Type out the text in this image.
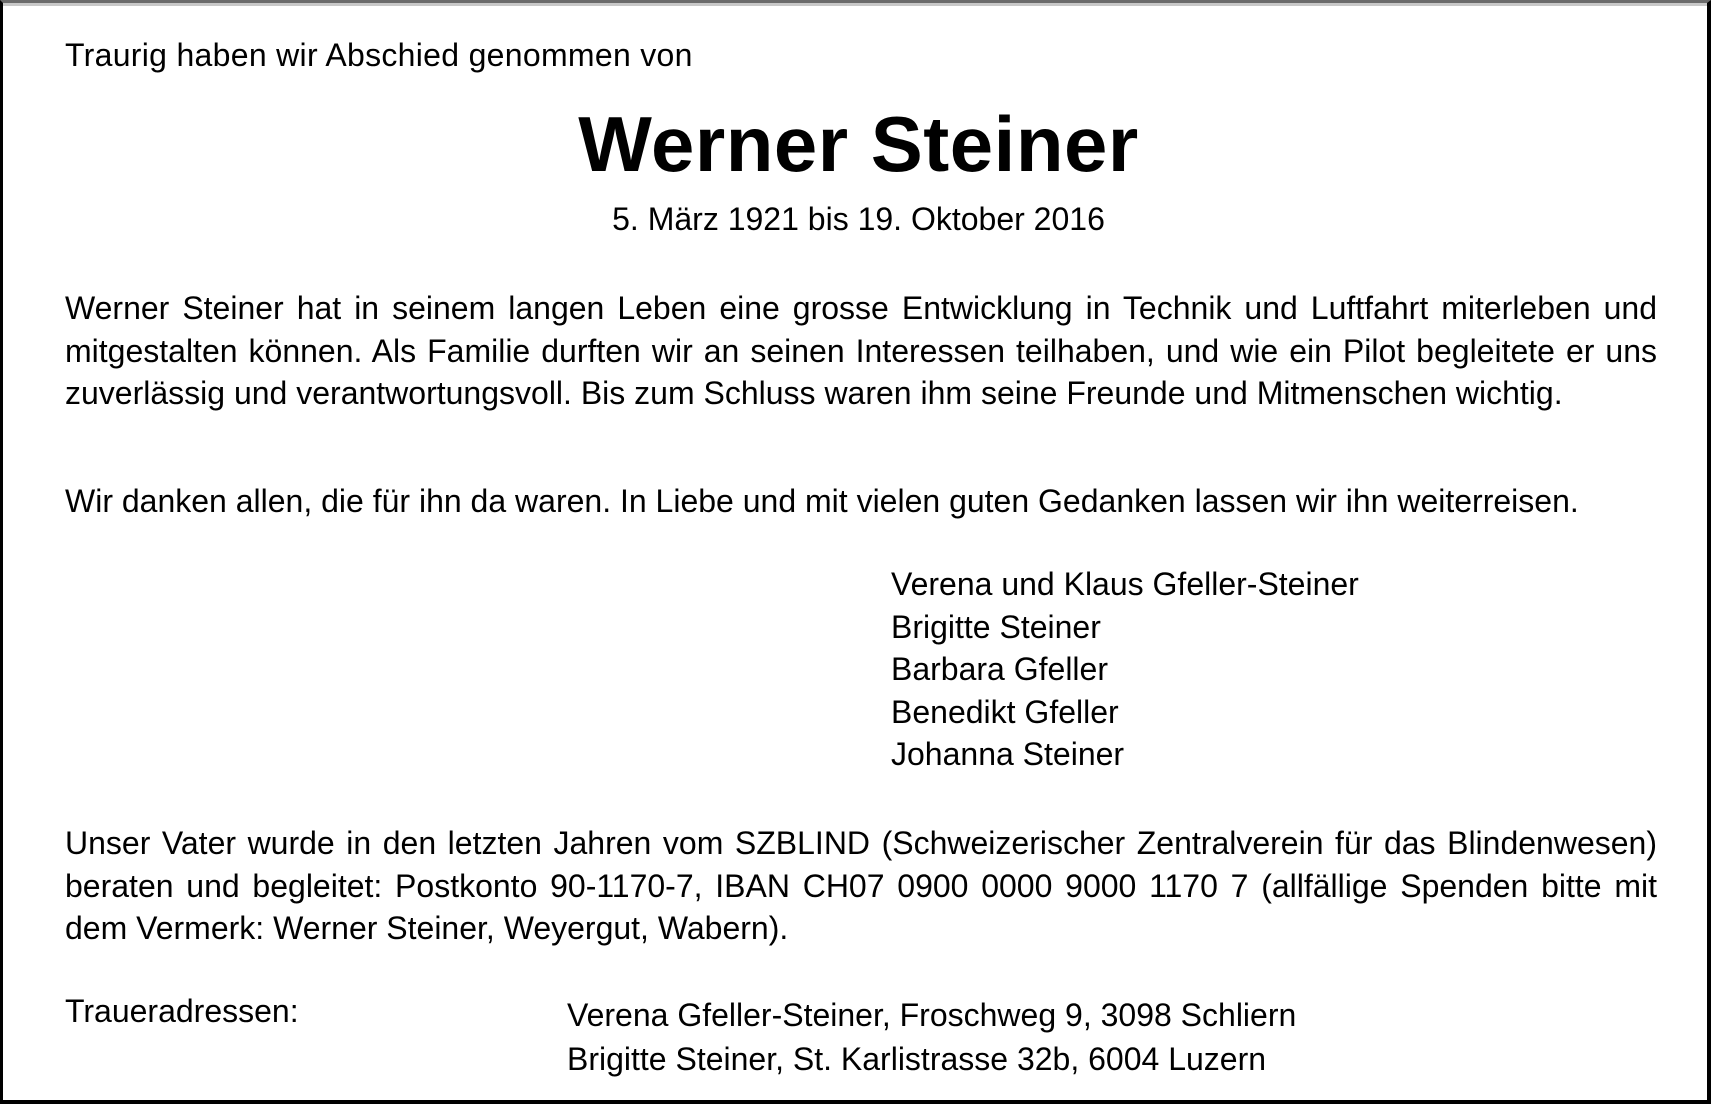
Traurig haben wir Abschied genommen von
Werner Steiner
5. März 1921 bis 19. Oktober 2016

Werner Steiner hat in seinem langen Leben eine grosse Entwicklung in Technik und Luftfahrt miterleben und mitgestalten können. Als Familie durften wir an seinen Interessen teilhaben, und wie ein Pilot begleitete er uns zuverlässig und verantwortungsvoll. Bis zum Schluss waren ihm seine Freunde und Mitmenschen wichtig.

Wir danken allen, die für ihn da waren. In Liebe und mit vielen guten Gedanken lassen wir ihn weiterreisen.

Verena und Klaus Gfeller-Steiner
Brigitte Steiner
Barbara Gfeller
Benedikt Gfeller
Johanna Steiner

Unser Vater wurde in den letzten Jahren vom SZBLIND (Schweizerischer Zentralverein für das Blindenwesen) beraten und begleitet: Postkonto 90-1170-7, IBAN CH07 0900 0000 9000 1170 7 (allfällige Spenden bitte mit dem Vermerk: Werner Steiner, Weyergut, Wabern).

Traueradressen:	Verena Gfeller-Steiner, Froschweg 9, 3098 Schliern
Brigitte Steiner, St. Karlistrasse 32b, 6004 Luzern
